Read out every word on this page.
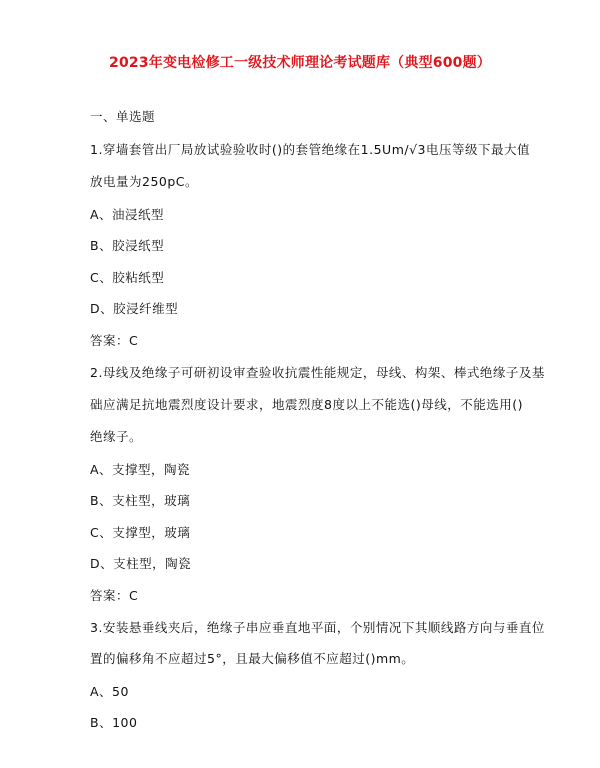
2023年变电检修工一级技术师理论考试题库（典型600题）
一、单选题
1.穿墙套管出厂局放试验验收时()的套管绝缘在1.5Um/√3电压等级下最大值
放电量为250pC。
A、油浸纸型
B、胶浸纸型
C、胶粘纸型
D、胶浸纤维型
答案：C
2.母线及绝缘子可研初设审查验收抗震性能规定，母线、构架、棒式绝缘子及基
础应满足抗地震烈度设计要求，地震烈度8度以上不能选()母线，不能选用()
绝缘子。
A、支撑型，陶瓷
B、支柱型，玻璃
C、支撑型，玻璃
D、支柱型，陶瓷
答案：C
3.安装悬垂线夹后，绝缘子串应垂直地平面，个别情况下其顺线路方向与垂直位
置的偏移角不应超过5°，且最大偏移值不应超过()mm。
A、50
B、100
